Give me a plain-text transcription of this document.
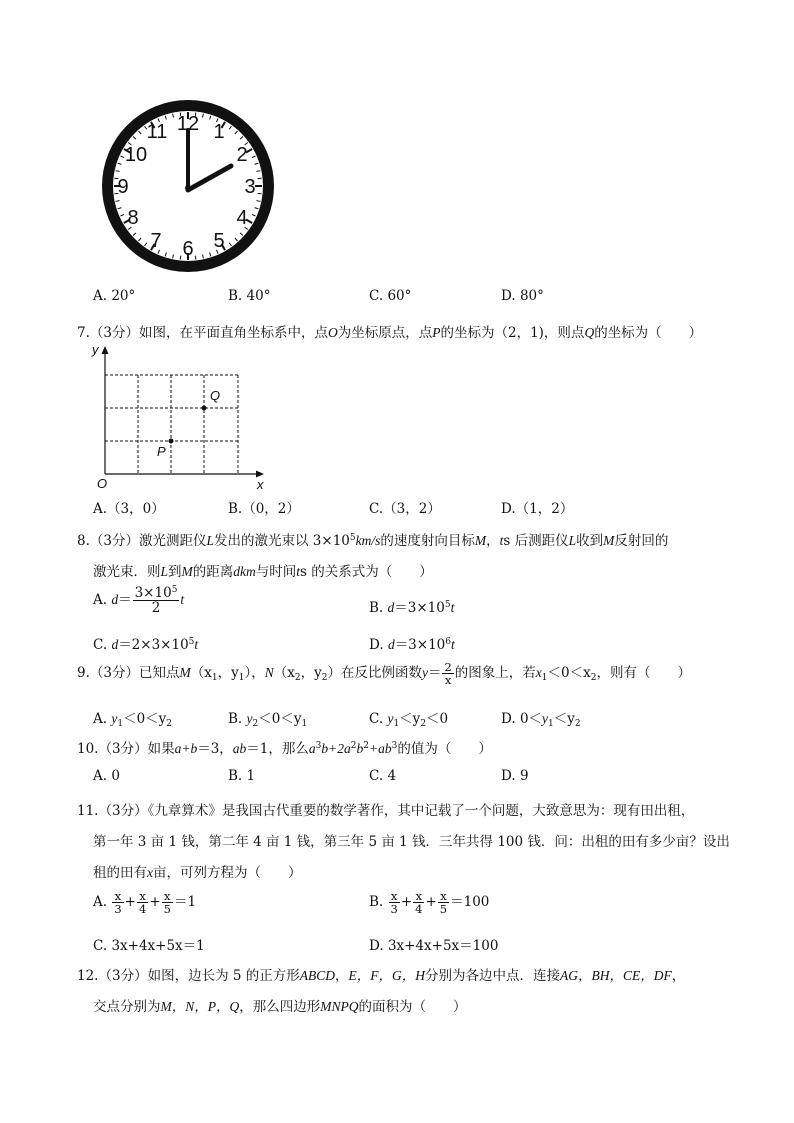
12 1
2
3
4
5
6
7
8
9
10
11
A. 20°	B. 40°	C. 60°	D. 80°
7.（3分）如图，在平面直角坐标系中，点O为坐标原点，点P的坐标为（2，1)，则点Q的坐标为（　　）
y
x
O
P
Q
A.（3，0）	B.（0，2）	C.（3，2）	D.（1，2）
8.（3分）激光测距仪L发出的激光束以 $3\times 10^5km/s$的速度射向目标M，ts 后测距仪L收到M反射回的
激光束．则L到M的距离dkm与时间ts 的关系式为（　　）
A. $d= \frac{3\times 10^5}{2}$ t
B. $d=3\times 10^5t$
C. $d=2\times 3\times 10^5t$	D. $d=3\times 10^6t$
9.（3分）已知点$M(x_1$，$y_1$），$N(x_2$，$y_2$）在反比例函数$y= \frac{2}{x}$ 的图象上，若$x_1<0<x_2$，则有（　　）
A. $y_1<0<y_2$	B. $y_2<0<y_1$	C. $y_1<y_2<0$	D. $0<y_1<y_2$
10.（3分）如果a+b＝3，ab＝1，那么$a^3b+2a^2b^2+ab^3$的值为（　　）
A. 0	B. 1	C. 4	D. 9
11.（3分）《九章算术》是我国古代重要的数学著作，其中记载了一个问题，大致意思为：现有田出租，
第一年 3 亩 1 钱，第二年 4 亩 1 钱，第三年 5 亩 1 钱．三年共得 100 钱．问：出租的田有多少亩？设出
租的田有x亩，可列方程为（　　）
A. $\frac{x}{3} + \frac{x}{4} + \frac{x}{5} =1$	B. $\frac{x}{3} + \frac{x}{4} + \frac{x}{5} =100$
C. 3x+4x+5x＝1	D. 3x+4x+5x＝100
12.（3分）如图，边长为 5 的正方形ABCD，E，F，G，H分别为各边中点．连接AG，BH，CE，DF，
交点分别为M，N，P，Q，那么四边形MNPQ的面积为（　　）
